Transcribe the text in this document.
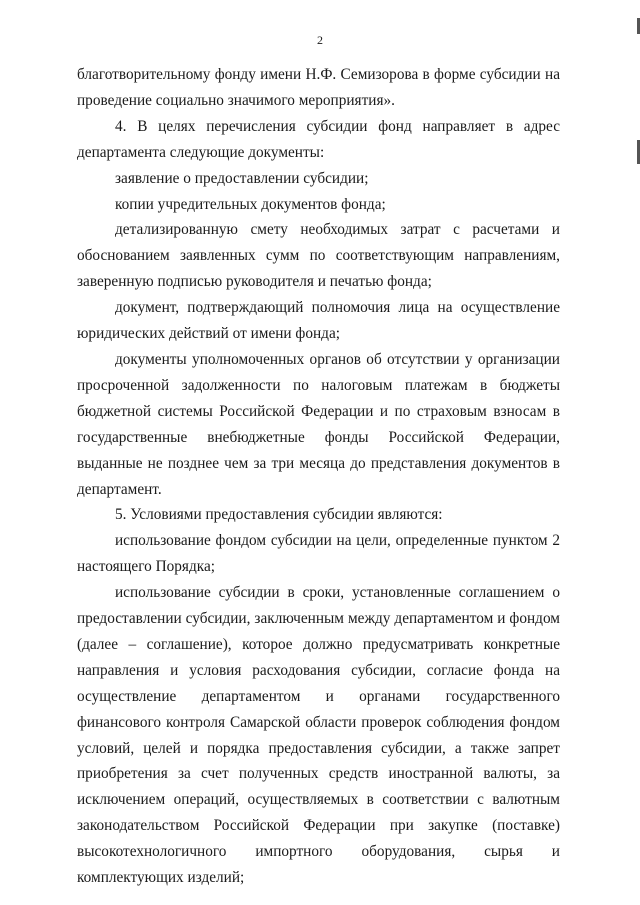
2

благотворительному фонду имени Н.Ф. Семизорова в форме субсидии на проведение социально значимого мероприятия».

4. В целях перечисления субсидии фонд направляет в адрес департамента следующие документы:

заявление о предоставлении субсидии;

копии учредительных документов фонда;

детализированную смету необходимых затрат с расчетами и обоснованием заявленных сумм по соответствующим направлениям, заверенную подписью руководителя и печатью фонда;

документ, подтверждающий полномочия лица на осуществление юридических действий от имени фонда;

документы уполномоченных органов об отсутствии у организации просроченной задолженности по налоговым платежам в бюджеты бюджетной системы Российской Федерации и по страховым взносам в государственные внебюджетные фонды Российской Федерации, выданные не позднее чем за три месяца до представления документов в департамент.

5. Условиями предоставления субсидии являются:

использование фондом субсидии на цели, определенные пунктом 2 настоящего Порядка;

использование субсидии в сроки, установленные соглашением о предоставлении субсидии, заключенным между департаментом и фондом (далее – соглашение), которое должно предусматривать конкретные направления и условия расходования субсидии, согласие фонда на осуществление департаментом и органами государственного финансового контроля Самарской области проверок соблюдения фондом условий, целей и порядка предоставления субсидии, а также запрет приобретения за счет полученных средств иностранной валюты, за исключением операций, осуществляемых в соответствии с валютным законодательством Российской Федерации при закупке (поставке) высокотехнологичного импортного оборудования, сырья и комплектующих изделий;
